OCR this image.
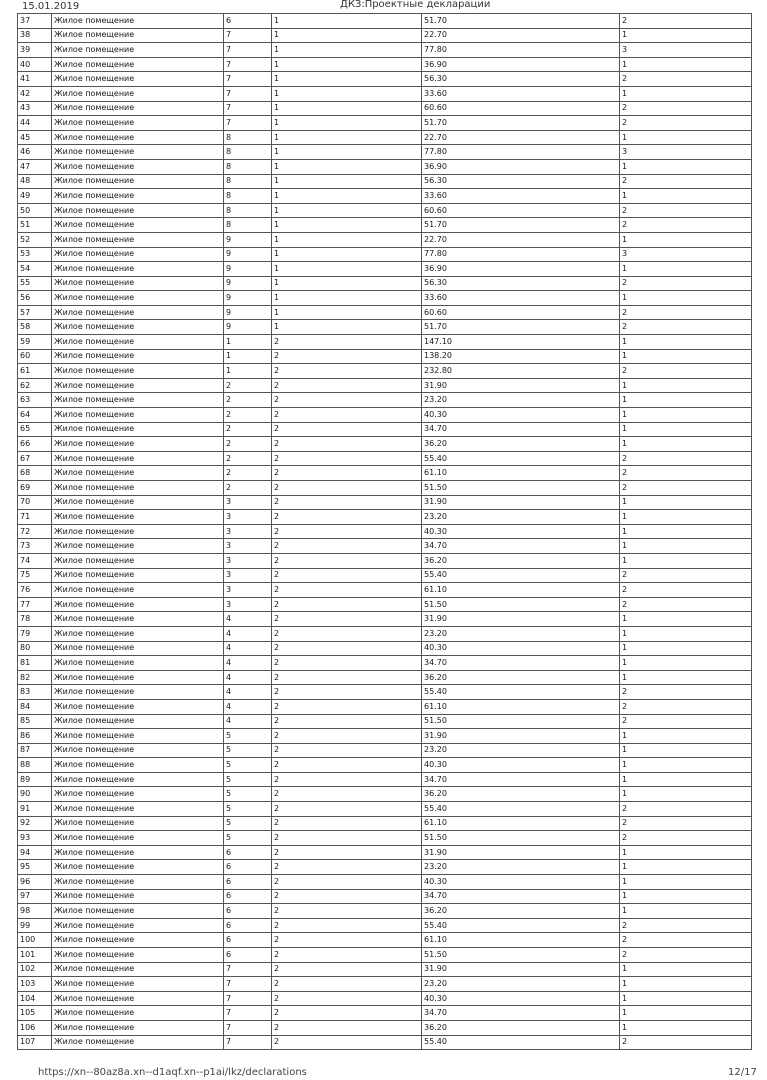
15.01.2019	ДКЗ:Проектные декларации
37	Жилое помещение	6	1	51.70	2
38	Жилое помещение	7	1	22.70	1
39	Жилое помещение	7	1	77.80	3
40	Жилое помещение	7	1	36.90	1
41	Жилое помещение	7	1	56.30	2
42	Жилое помещение	7	1	33.60	1
43	Жилое помещение	7	1	60.60	2
44	Жилое помещение	7	1	51.70	2
45	Жилое помещение	8	1	22.70	1
46	Жилое помещение	8	1	77.80	3
47	Жилое помещение	8	1	36.90	1
48	Жилое помещение	8	1	56.30	2
49	Жилое помещение	8	1	33.60	1
50	Жилое помещение	8	1	60.60	2
51	Жилое помещение	8	1	51.70	2
52	Жилое помещение	9	1	22.70	1
53	Жилое помещение	9	1	77.80	3
54	Жилое помещение	9	1	36.90	1
55	Жилое помещение	9	1	56.30	2
56	Жилое помещение	9	1	33.60	1
57	Жилое помещение	9	1	60.60	2
58	Жилое помещение	9	1	51.70	2
59	Жилое помещение	1	2	147.10	1
60	Жилое помещение	1	2	138.20	1
61	Жилое помещение	1	2	232.80	2
62	Жилое помещение	2	2	31.90	1
63	Жилое помещение	2	2	23.20	1
64	Жилое помещение	2	2	40.30	1
65	Жилое помещение	2	2	34.70	1
66	Жилое помещение	2	2	36.20	1
67	Жилое помещение	2	2	55.40	2
68	Жилое помещение	2	2	61.10	2
69	Жилое помещение	2	2	51.50	2
70	Жилое помещение	3	2	31.90	1
71	Жилое помещение	3	2	23.20	1
72	Жилое помещение	3	2	40.30	1
73	Жилое помещение	3	2	34.70	1
74	Жилое помещение	3	2	36.20	1
75	Жилое помещение	3	2	55.40	2
76	Жилое помещение	3	2	61.10	2
77	Жилое помещение	3	2	51.50	2
78	Жилое помещение	4	2	31.90	1
79	Жилое помещение	4	2	23.20	1
80	Жилое помещение	4	2	40.30	1
81	Жилое помещение	4	2	34.70	1
82	Жилое помещение	4	2	36.20	1
83	Жилое помещение	4	2	55.40	2
84	Жилое помещение	4	2	61.10	2
85	Жилое помещение	4	2	51.50	2
86	Жилое помещение	5	2	31.90	1
87	Жилое помещение	5	2	23.20	1
88	Жилое помещение	5	2	40.30	1
89	Жилое помещение	5	2	34.70	1
90	Жилое помещение	5	2	36.20	1
91	Жилое помещение	5	2	55.40	2
92	Жилое помещение	5	2	61.10	2
93	Жилое помещение	5	2	51.50	2
94	Жилое помещение	6	2	31.90	1
95	Жилое помещение	6	2	23.20	1
96	Жилое помещение	6	2	40.30	1
97	Жилое помещение	6	2	34.70	1
98	Жилое помещение	6	2	36.20	1
99	Жилое помещение	6	2	55.40	2
100	Жилое помещение	6	2	61.10	2
101	Жилое помещение	6	2	51.50	2
102	Жилое помещение	7	2	31.90	1
103	Жилое помещение	7	2	23.20	1
104	Жилое помещение	7	2	40.30	1
105	Жилое помещение	7	2	34.70	1
106	Жилое помещение	7	2	36.20	1
107	Жилое помещение	7	2	55.40	2
https://xn--80az8a.xn--d1aqf.xn--p1ai/lkz/declarations	12/17
